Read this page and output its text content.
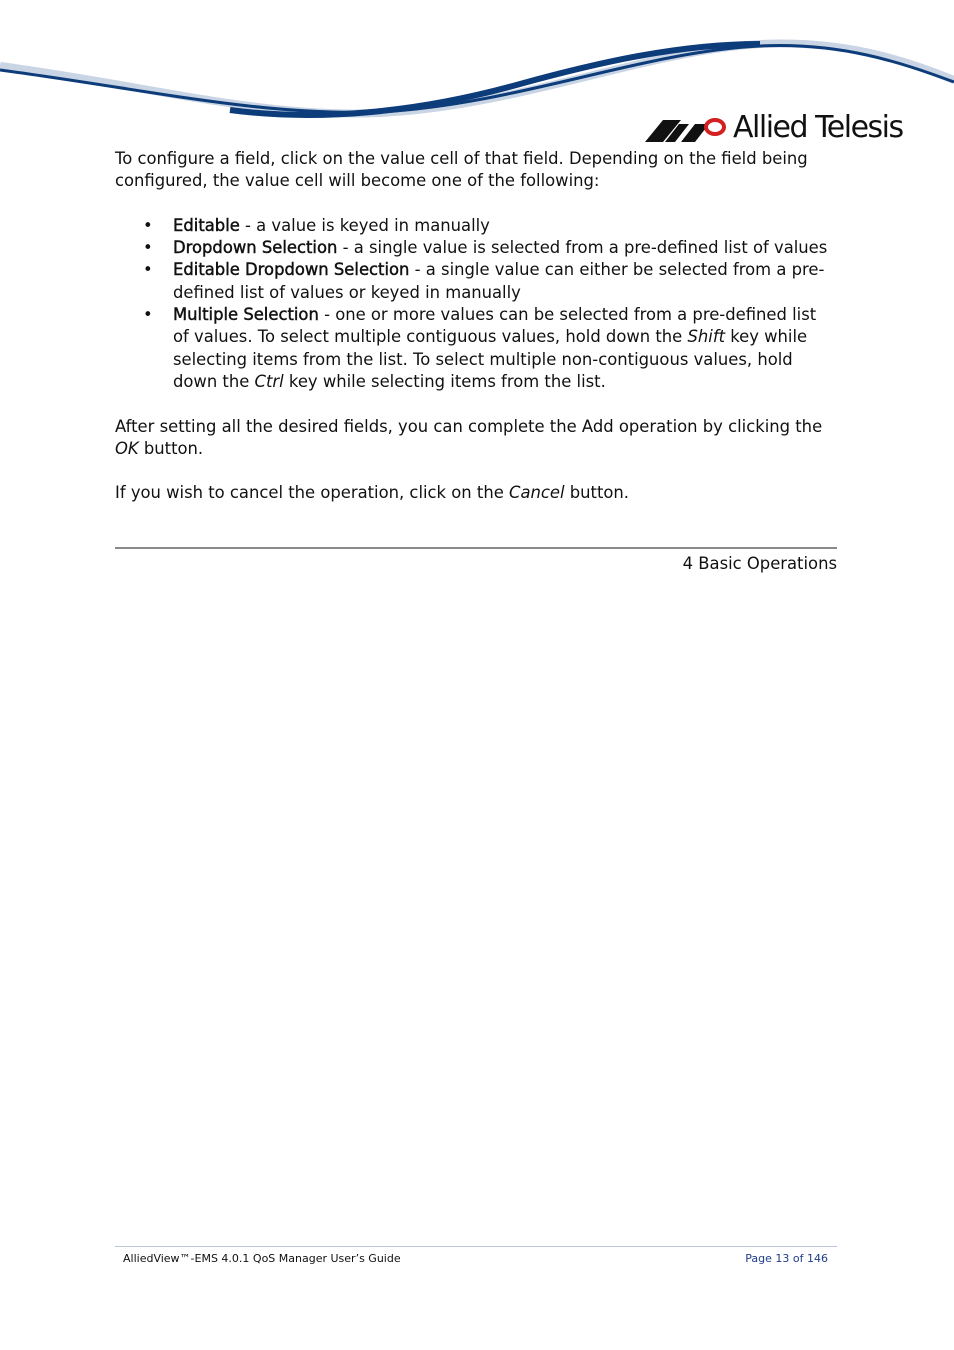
Allied Telesis

To configure a field, click on the value cell of that field. Depending on the field being configured, the value cell will become one of the following:

• Editable - a value is keyed in manually
• Dropdown Selection - a single value is selected from a pre-defined list of values
• Editable Dropdown Selection - a single value can either be selected from a pre-defined list of values or keyed in manually
• Multiple Selection - one or more values can be selected from a pre-defined list of values. To select multiple contiguous values, hold down the Shift key while selecting items from the list. To select multiple non-contiguous values, hold down the Ctrl key while selecting items from the list.

After setting all the desired fields, you can complete the Add operation by clicking the OK button.

If you wish to cancel the operation, click on the Cancel button.

4 Basic Operations
AlliedView™-EMS 4.0.1 QoS Manager User’s Guide	Page 13 of 146
